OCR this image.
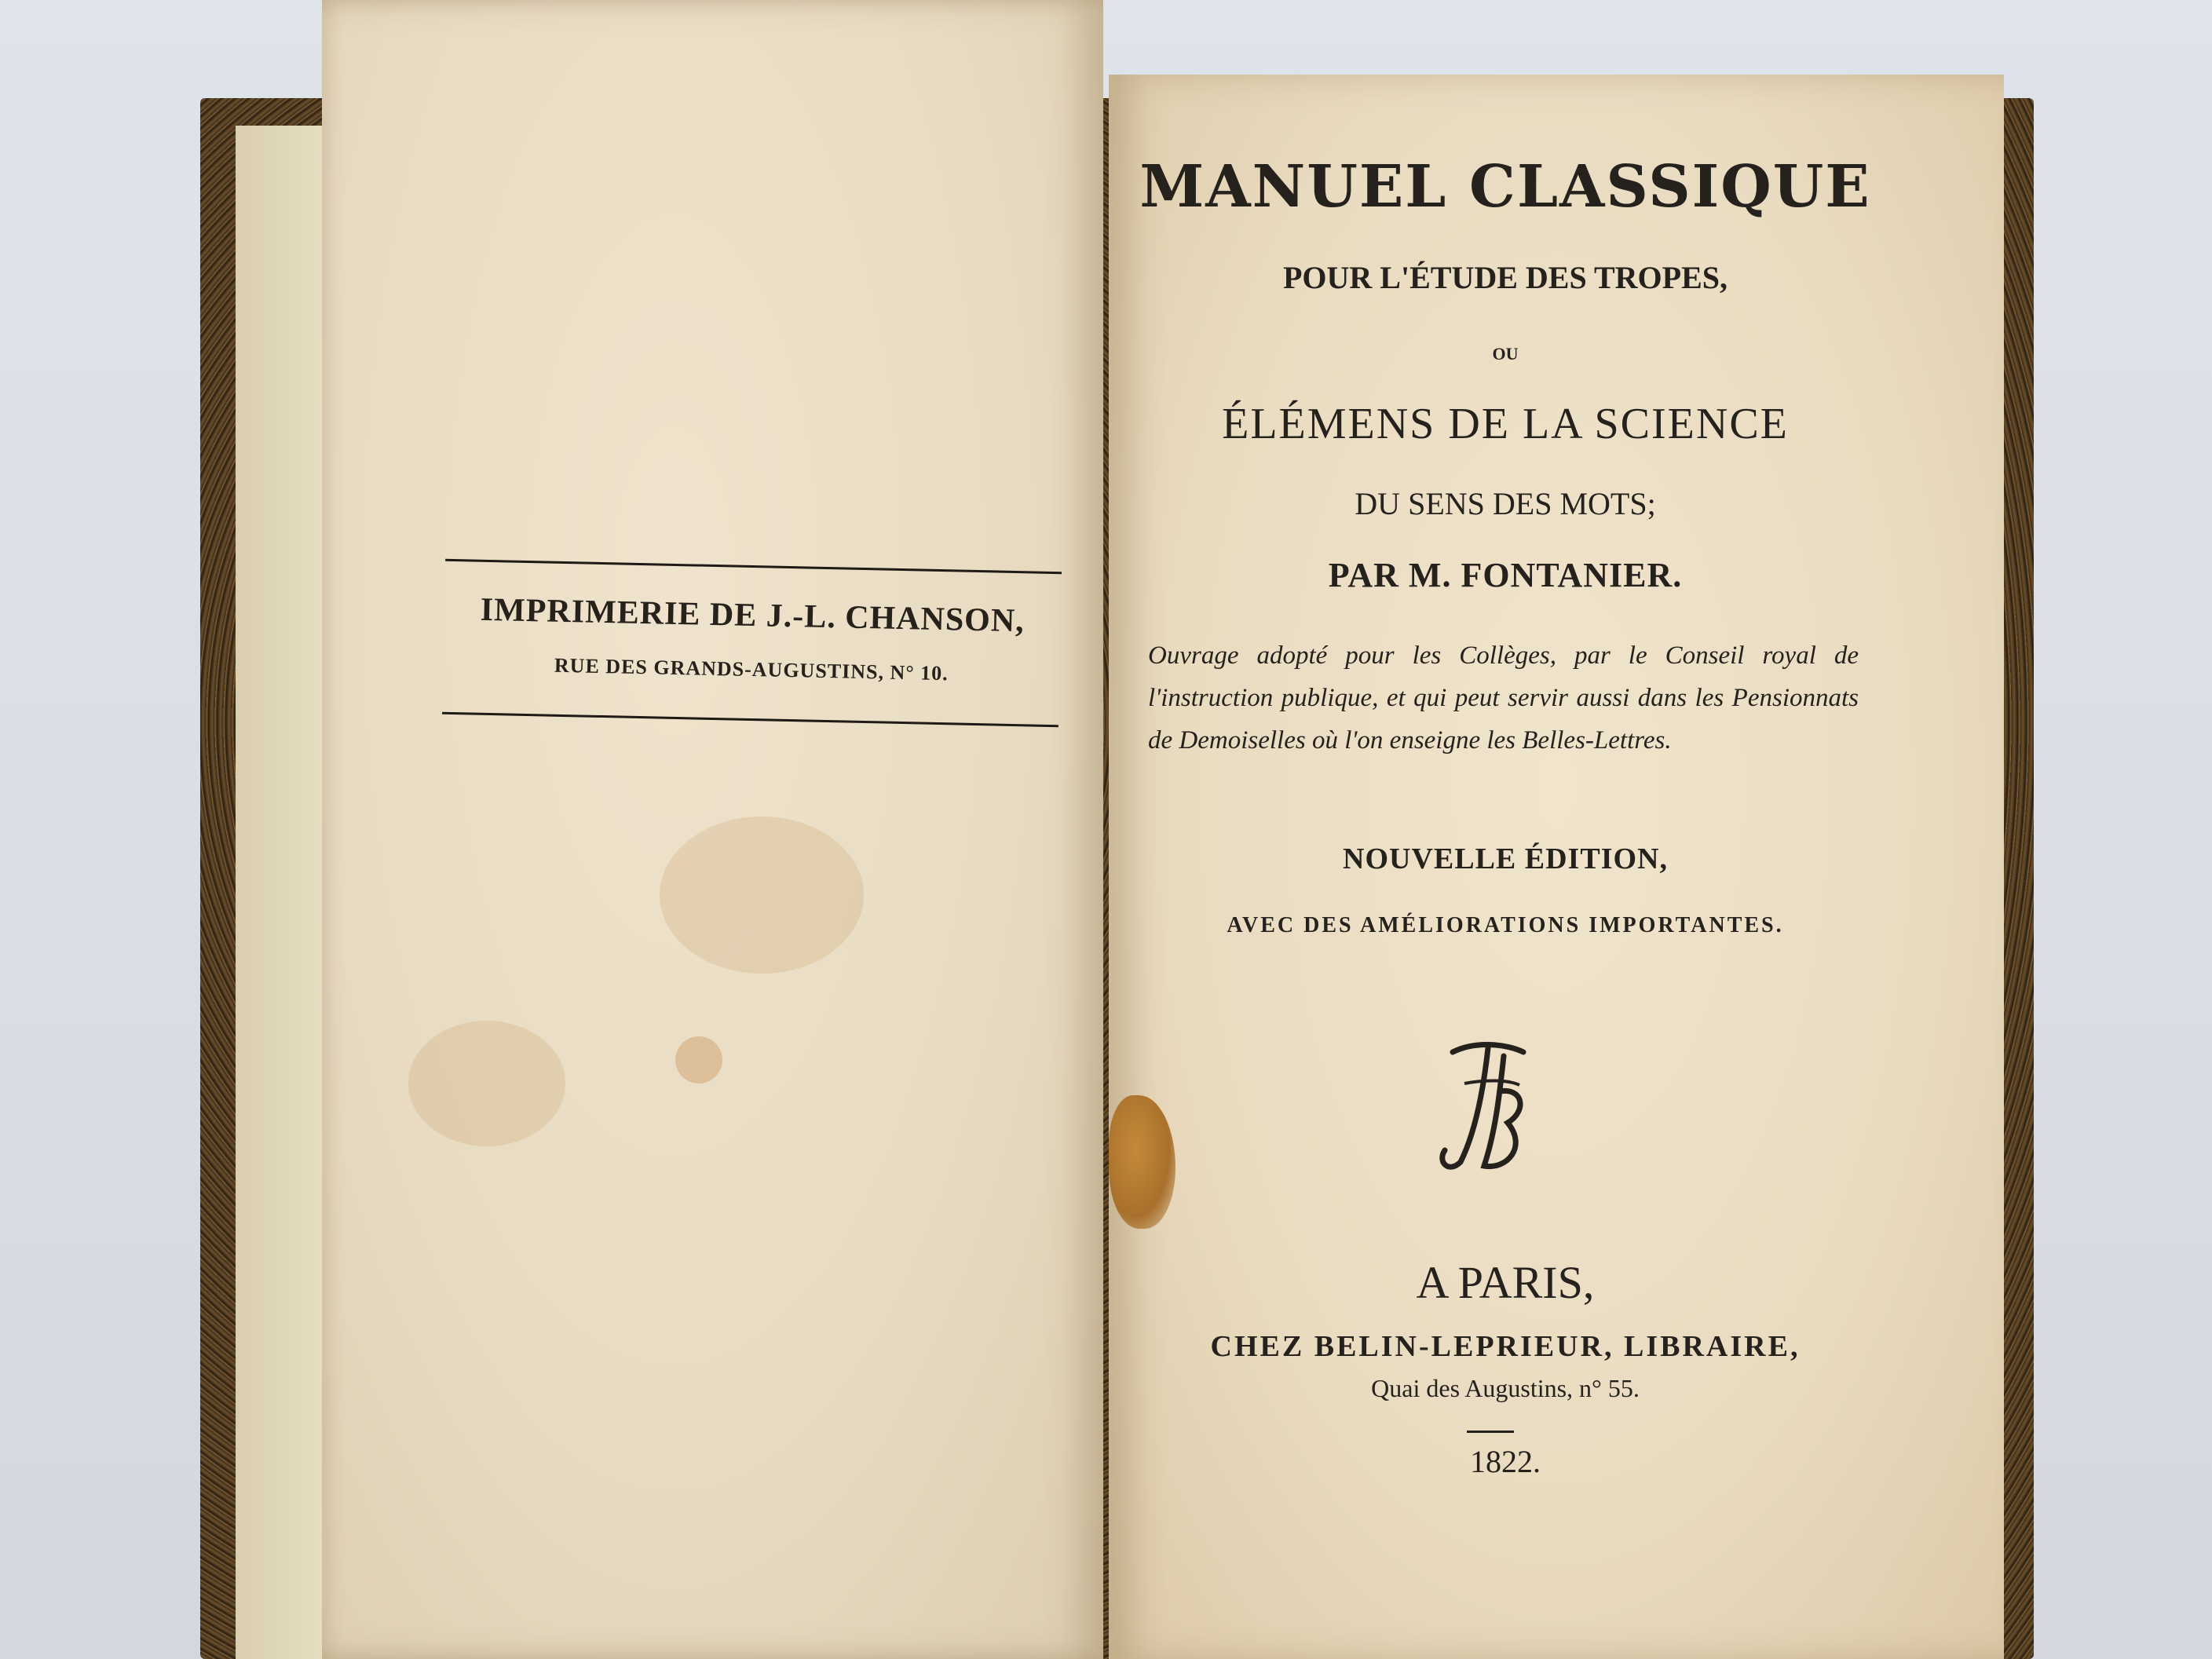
IMPRIMERIE DE J.-L. CHANSON,
RUE DES GRANDS-AUGUSTINS, N° 10.
MANUEL CLASSIQUE
POUR L'ÉTUDE DES TROPES,
OU
ÉLÉMENS DE LA SCIENCE
DU SENS DES MOTS;
PAR M. FONTANIER.
Ouvrage adopté pour les Collèges, par le Conseil royal de l'instruction publique, et qui peut servir aussi dans les Pensionnats de Demoiselles où l'on enseigne les Belles-Lettres.
NOUVELLE ÉDITION,
AVEC DES AMÉLIORATIONS IMPORTANTES.
A PARIS,
CHEZ BELIN-LEPRIEUR, LIBRAIRE,
Quai des Augustins, n° 55.
1822.
